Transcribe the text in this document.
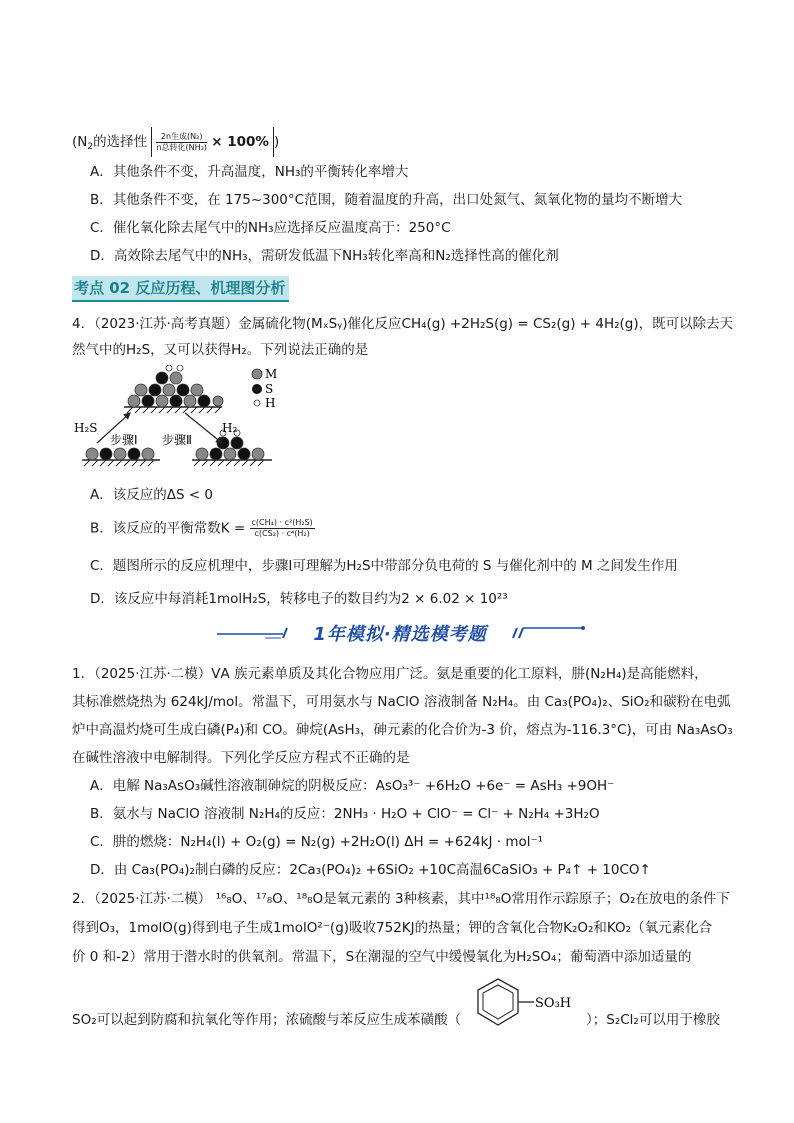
($N_2$的选择性 $\frac{\text{2n生成(N₂)}}{\text{n总转化(NH₃)}} \times 100\%$ )
A．其他条件不变，升高温度，NH₃的平衡转化率增大
B．其他条件不变，在 175~300°C范围，随着温度的升高，出口处氮气、氮氧化物的量均不断增大
C．催化氧化除去尾气中的NH₃应选择反应温度高于：250°C
D．高效除去尾气中的NH₃，需研发低温下NH₃转化率高和N₂选择性高的催化剂
考点 02 反应历程、机理图分析
4．（2023·江苏·高考真题）金属硫化物(MₓSᵧ)催化反应CH₄(g) +2H₂S(g) = CS₂(g) + 4H₂(g)，既可以除去天
然气中的H₂S，又可以获得H₂。下列说法正确的是
M
S
H
H₂S	H₂
步骤Ⅰ 步骤Ⅱ
A．该反应的ΔS < 0
B．该反应的平衡常数$K = \frac{\text{c(CH₄) · c²(H₂S)}}{\text{c(CS₂) · c⁴(H₂)}}$
C．题图所示的反应机理中，步骤Ⅰ可理解为H₂S中带部分负电荷的 S 与催化剂中的 M 之间发生作用
D．该反应中每消耗1molH₂S，转移电子的数目约为2 × 6.02 × 10²³
1年模拟·精选模考题
1．（2025·江苏·二模）ⅤA 族元素单质及其化合物应用广泛。氨是重要的化工原料，肼(N₂H₄)是高能燃料，
其标准燃烧热为 624kJ/mol。常温下，可用氨水与 NaClO 溶液制备 N₂H₄。由 Ca₃(PO₄)₂、SiO₂和碳粉在电弧
炉中高温灼烧可生成白磷(P₄)和 CO。砷烷(AsH₃，砷元素的化合价为-3 价，熔点为-116.3°C)，可由 Na₃AsO₃
在碱性溶液中电解制得。下列化学反应方程式不正确的是
A．电解 Na₃AsO₃碱性溶液制砷烷的阴极反应：AsO₃³⁻ +6H₂O +6e⁻ = AsH₃ +9OH⁻
B．氨水与 NaClO 溶液制 N₂H₄的反应：2NH₃ · H₂O + ClO⁻ = Cl⁻ + N₂H₄ +3H₂O
C．肼的燃烧：N₂H₄(l) + O₂(g) = N₂(g) +2H₂O(l) ΔH = +624kJ · mol⁻¹
D．由 Ca₃(PO₄)₂制白磷的反应：2Ca₃(PO₄)₂ +6SiO₂ +10C高温6CaSiO₃ + P₄↑ + 10CO↑
2．（2025·江苏·二模） ¹⁶₈O、¹⁷₈O、¹⁸₈O是氧元素的 3种核素，其中¹⁸₈O常用作示踪原子；O₂在放电的条件下
得到O₃，1molO(g)得到电子生成1molO²⁻(g)吸收752KJ的热量；钾的含氧化合物K₂O₂和KO₂（氧元素化合
价 0 和-2）常用于潜水时的供氧剂。常温下，S在潮湿的空气中缓慢氧化为H₂SO₄；葡萄酒中添加适量的
SO₂可以起到防腐和抗氧化等作用；浓硫酸与苯反应生成苯磺酸（	）；S₂Cl₂可以用于橡胶
SO₃H
